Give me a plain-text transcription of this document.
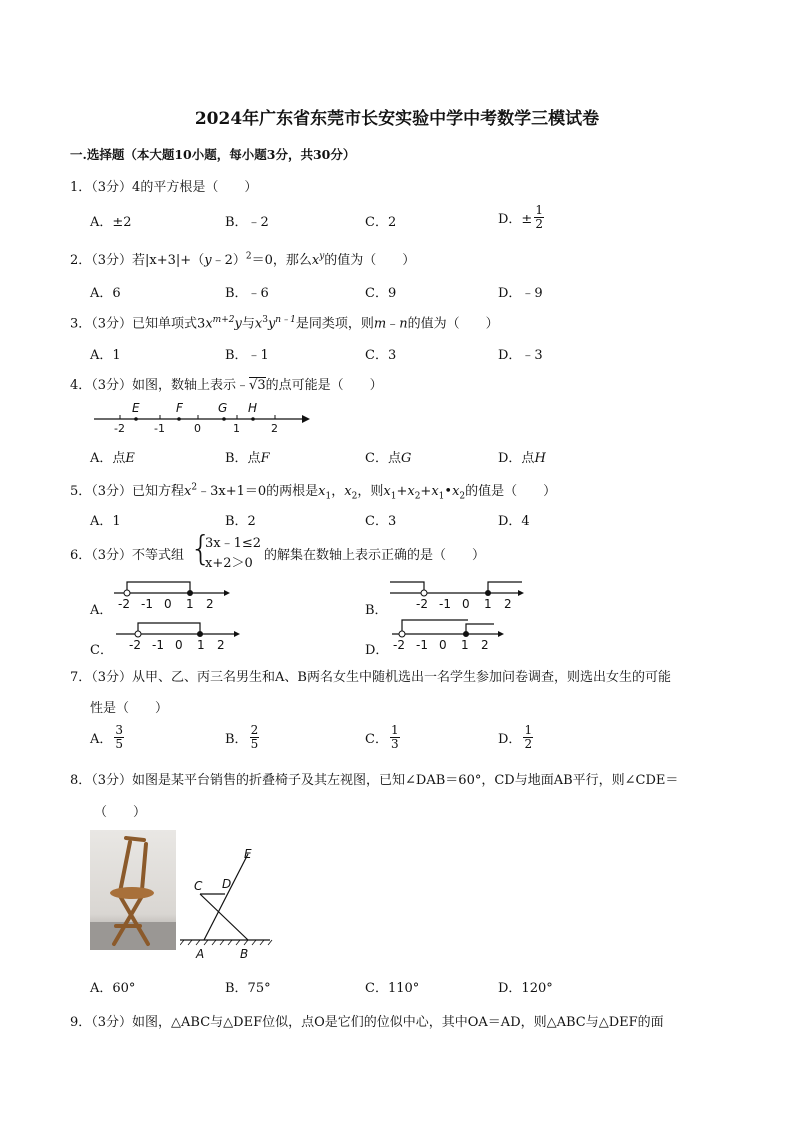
2024年广东省东莞市长安实验中学中考数学三模试卷
一.选择题（本大题10小题，每小题3分，共30分）
1．（3分）4的平方根是（　　）
A．±2	B．﹣2	C．2	D．± $\frac{1}{2}$
2．（3分）若|x+3|+（y﹣2）$^2$＝0，那么$x^y$的值为（　　）
A．6	B．﹣6	C．9	D．﹣9
3．（3分）已知单项式$3x^{m+2}y$与$x^3y^{n﹣1}$是同类项，则m﹣n的值为（　　）
A．1	B．﹣1	C．3	D．﹣3
4．（3分）如图，数轴上表示﹣√3的点可能是（　　）
-2	-1	0	1	2
E	F	G H
A．点E	B．点F	C．点G	D．点H
5．（3分）已知方程$x^2﹣3x+1=0$的两根是$x_1$，$x_2$，则$x_1+x_2+x_1•x_2$的值是（　　）
A．1	B．2	C．3	D．4
6．（3分）不等式组 {
3x﹣1≤2
x+2＞0
的解集在数轴上表示正确的是（　　）
A． -2 -1 0 1 2	B． -2 -1 0 1 2
C． -2 -1 0 1 2	D． -2 -1 0 1 2
7．（3分）从甲、乙、丙三名男生和A、B两名女生中随机选出一名学生参加问卷调查，则选出女生的可能
性是（　　）
A． $\frac{3}{5}$	B． $\frac{2}{5}$	C． $\frac{1}{3}$	D． $\frac{1}{2}$
8．（3分）如图是某平台销售的折叠椅子及其左视图，已知∠DAB＝60°，CD与地面AB平行，则∠CDE＝
（　　）
E
C D
A	B
A．60°	B．75°	C．110°	D．120°
9．（3分）如图，△ABC与△DEF位似，点O是它们的位似中心，其中OA＝AD，则△ABC与△DEF的面
